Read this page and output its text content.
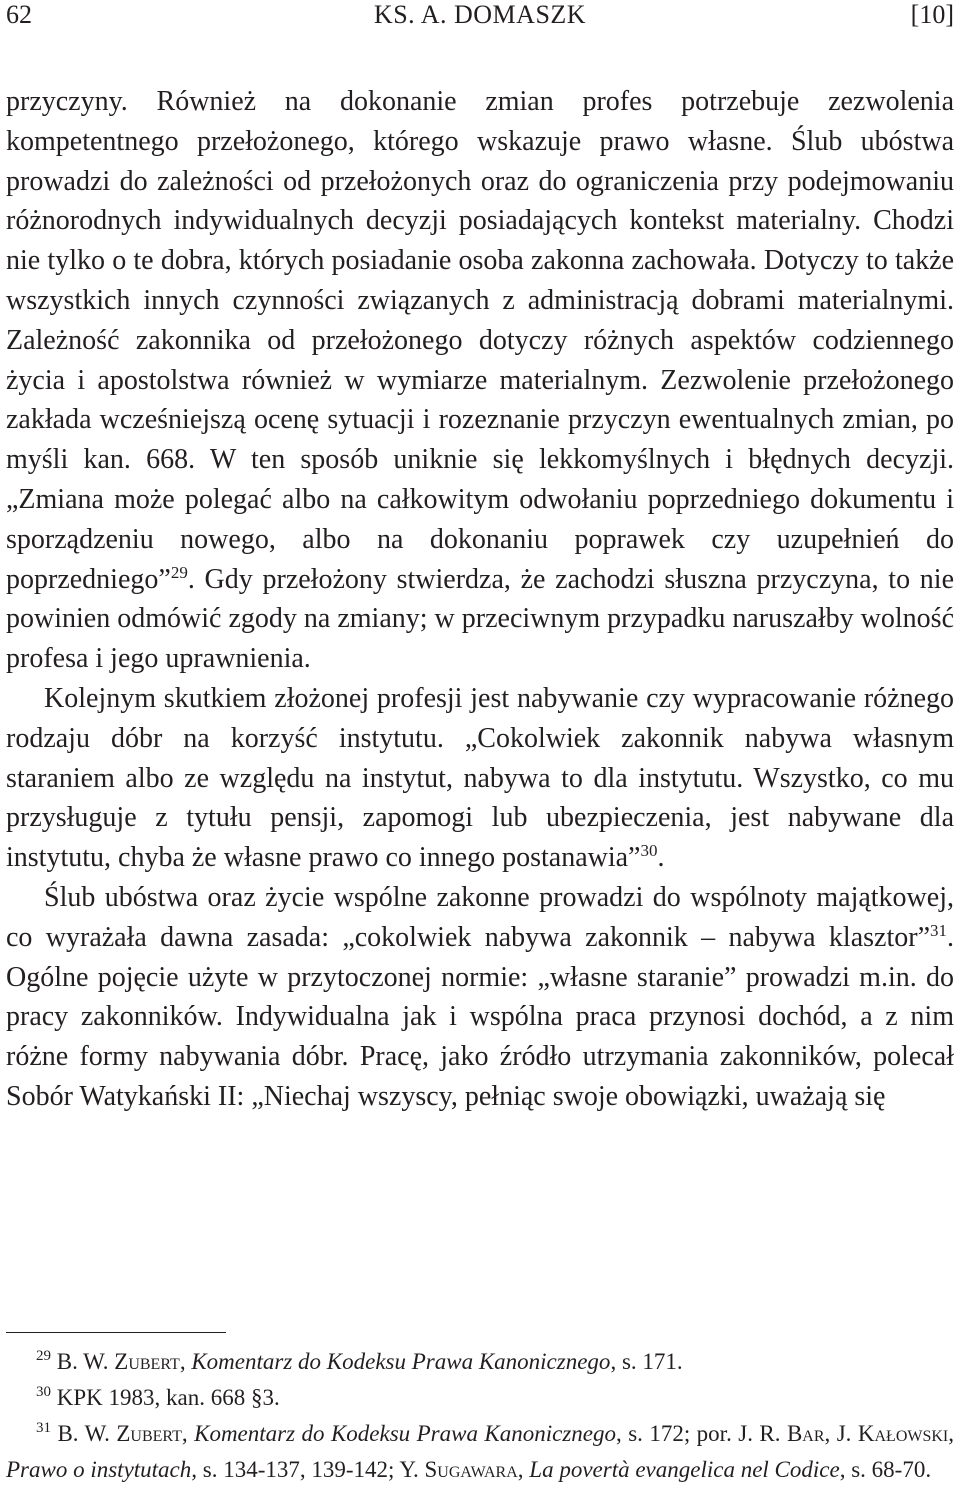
62	KS. A. DOMASZK	[10]

przyczyny. Również na dokonanie zmian profes potrzebuje zezwolenia kompetentnego przełożonego, którego wskazuje prawo własne. Ślub ubóstwa prowadzi do zależności od przełożonych oraz do ograniczenia przy podejmowaniu różnorodnych indywidualnych decyzji posiadających kontekst materialny. Chodzi nie tylko o te dobra, których posiadanie osoba zakonna zachowała. Dotyczy to także wszystkich innych czynności związanych z administracją dobrami materialnymi. Zależność zakonnika od przełożonego dotyczy różnych aspektów codziennego życia i apostolstwa również w wymiarze materialnym. Zezwolenie przełożonego zakłada wcześniejszą ocenę sytuacji i rozeznanie przyczyn ewentualnych zmian, po myśli kan. 668. W ten sposób uniknie się lekkomyślnych i błędnych decyzji. „Zmiana może polegać albo na całkowitym odwołaniu poprzedniego dokumentu i sporządzeniu nowego, albo na dokonaniu poprawek czy uzupełnień do poprzedniego”$^{29}$. Gdy przełożony stwierdza, że zachodzi słuszna przyczyna, to nie powinien odmówić zgody na zmiany; w przeciwnym przypadku naruszałby wolność profesa i jego uprawnienia.

Kolejnym skutkiem złożonej profesji jest nabywanie czy wypracowanie różnego rodzaju dóbr na korzyść instytutu. „Cokolwiek zakonnik nabywa własnym staraniem albo ze względu na instytut, nabywa to dla instytutu. Wszystko, co mu przysługuje z tytułu pensji, zapomogi lub ubezpieczenia, jest nabywane dla instytutu, chyba że własne prawo co innego postanawia”$^{30}$.

Ślub ubóstwa oraz życie wspólne zakonne prowadzi do wspólnoty majątkowej, co wyrażała dawna zasada: „cokolwiek nabywa zakonnik – nabywa klasztor”$^{31}$. Ogólne pojęcie użyte w przytoczonej normie: „własne staranie” prowadzi m.in. do pracy zakonników. Indywidualna jak i wspólna praca przynosi dochód, a z nim różne formy nabywania dóbr. Pracę, jako źródło utrzymania zakonników, polecał Sobór Watykański II: „Niechaj wszyscy, pełniąc swoje obowiązki, uważają się

$^{29}$ B. W. Zubert, Komentarz do Kodeksu Prawa Kanonicznego, s. 171.

$^{30}$ KPK 1983, kan. 668 §3.

$^{31}$ B. W. Zubert, Komentarz do Kodeksu Prawa Kanonicznego, s. 172; por. J. R. Bar, J. Kałowski, Prawo o instytutach, s. 134-137, 139-142; Y. Sugawara, La povertà evangelica nel Codice, s. 68-70.
